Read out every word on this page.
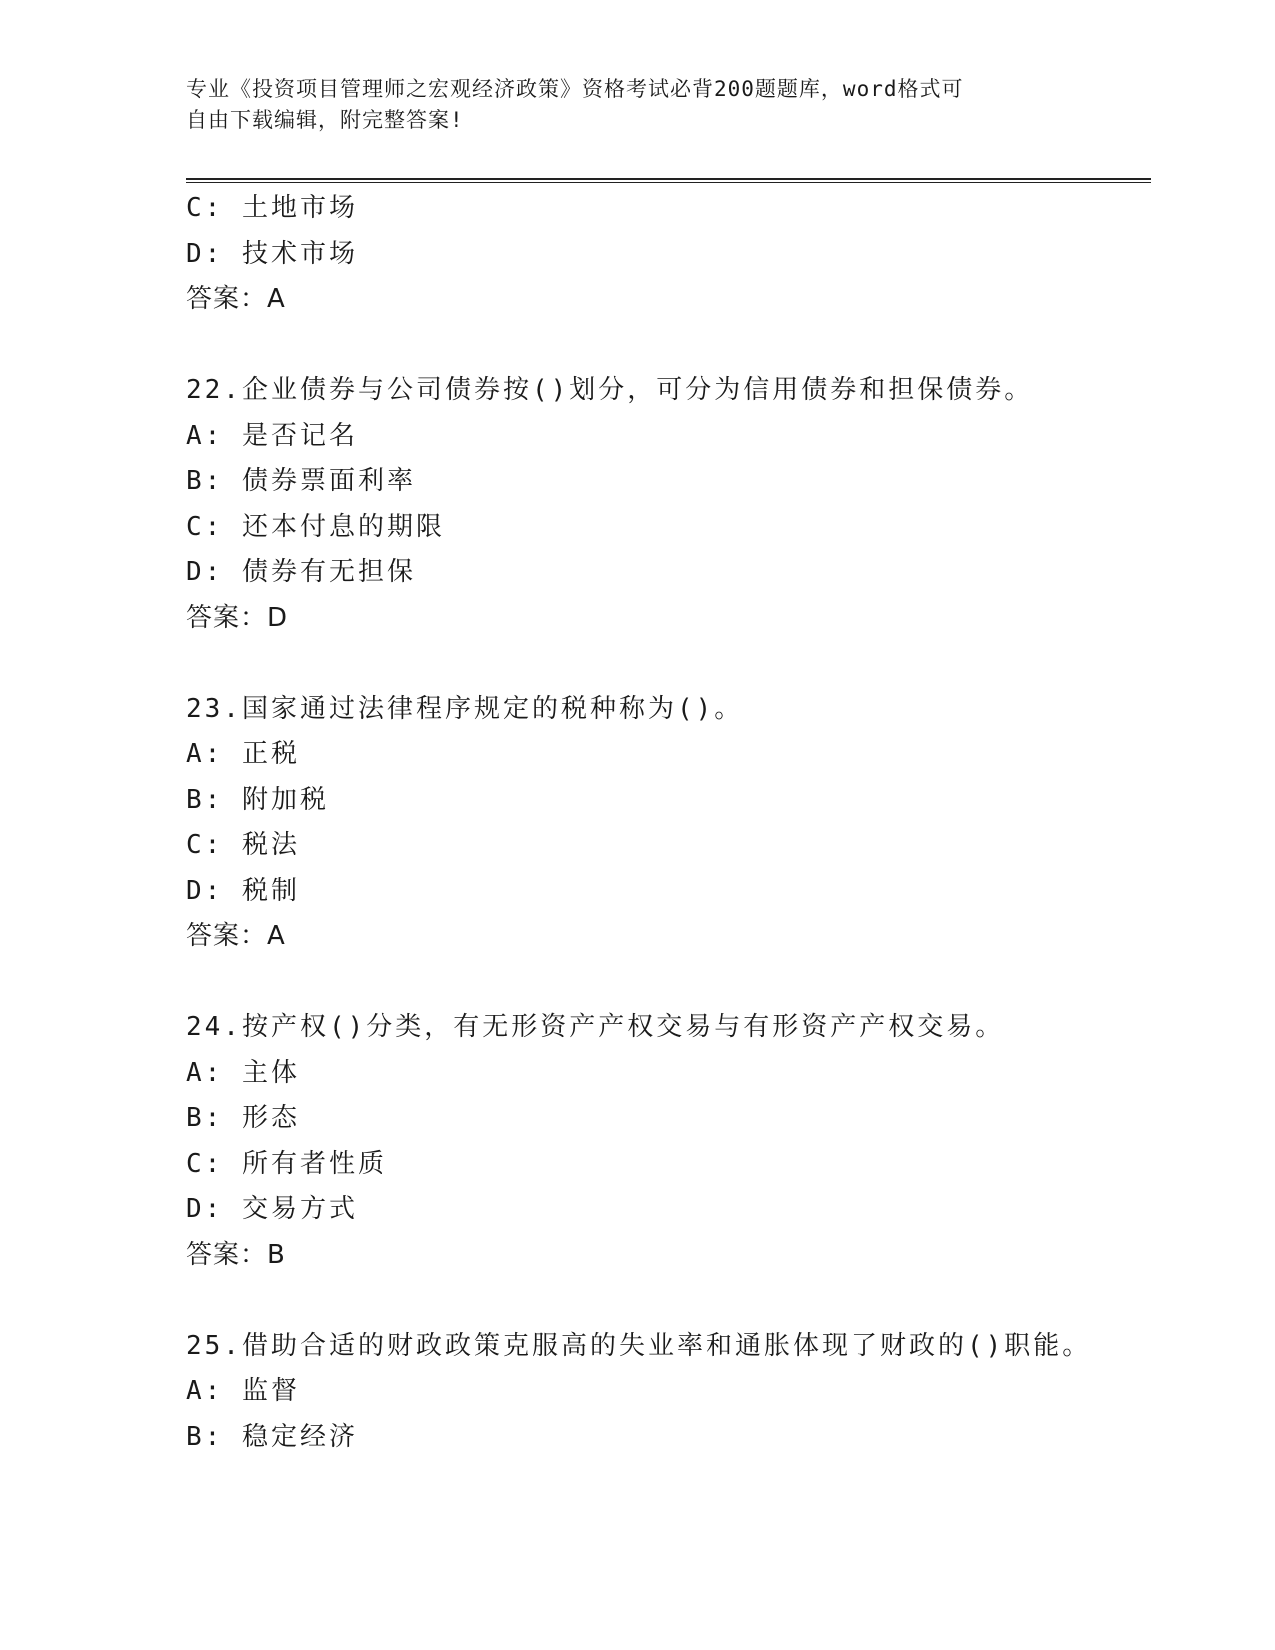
专业《投资项目管理师之宏观经济政策》资格考试必背200题题库，word格式可
自由下载编辑，附完整答案!
C: 土地市场
D: 技术市场
答案：A
22.企业债券与公司债券按()划分，可分为信用债券和担保债券。
A: 是否记名
B: 债券票面利率
C: 还本付息的期限
D: 债券有无担保
答案：D
23.国家通过法律程序规定的税种称为()。
A: 正税
B: 附加税
C: 税法
D: 税制
答案：A
24.按产权()分类，有无形资产产权交易与有形资产产权交易。
A: 主体
B: 形态
C: 所有者性质
D: 交易方式
答案：B
25.借助合适的财政政策克服高的失业率和通胀体现了财政的()职能。
A: 监督
B: 稳定经济
